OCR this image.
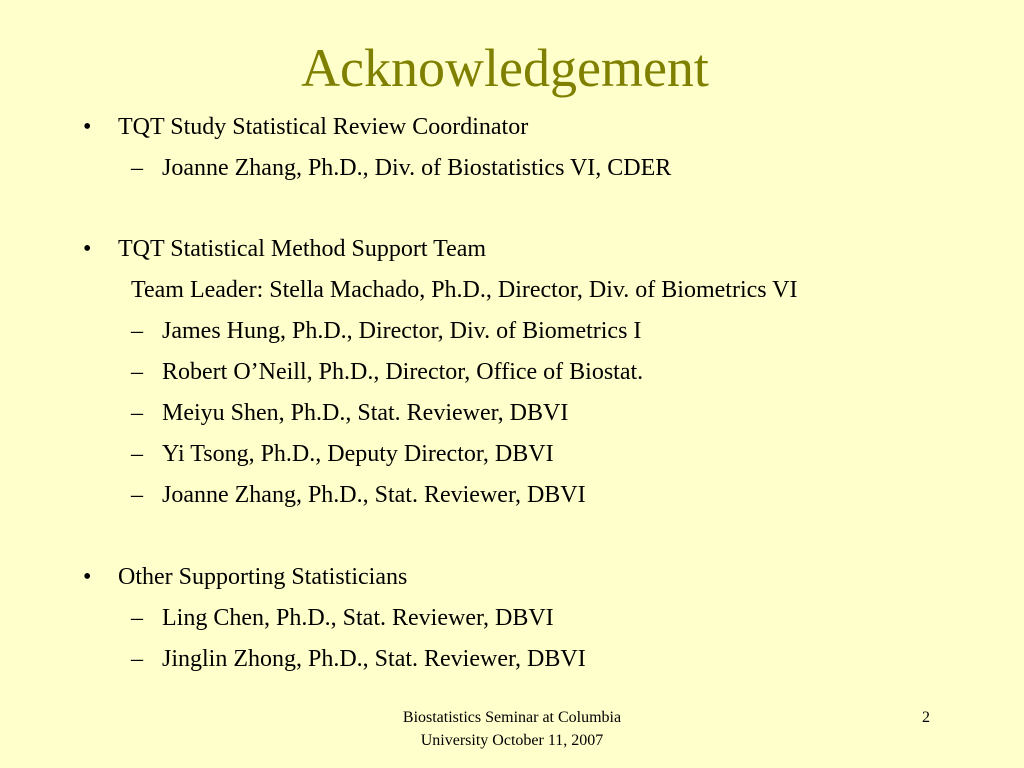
Acknowledgement
• TQT Study Statistical Review Coordinator
– Joanne Zhang, Ph.D., Div. of Biostatistics VI, CDER
• TQT Statistical Method Support Team
Team Leader: Stella Machado, Ph.D., Director, Div. of Biometrics VI
– James Hung, Ph.D., Director, Div. of Biometrics I
– Robert O’Neill, Ph.D., Director, Office of Biostat.
– Meiyu Shen, Ph.D., Stat. Reviewer, DBVI
– Yi Tsong, Ph.D., Deputy Director, DBVI
– Joanne Zhang, Ph.D., Stat. Reviewer, DBVI
• Other Supporting Statisticians
– Ling Chen, Ph.D., Stat. Reviewer, DBVI
– Jinglin Zhong, Ph.D., Stat. Reviewer, DBVI
Biostatistics Seminar at Columbia
University October 11, 2007
2
